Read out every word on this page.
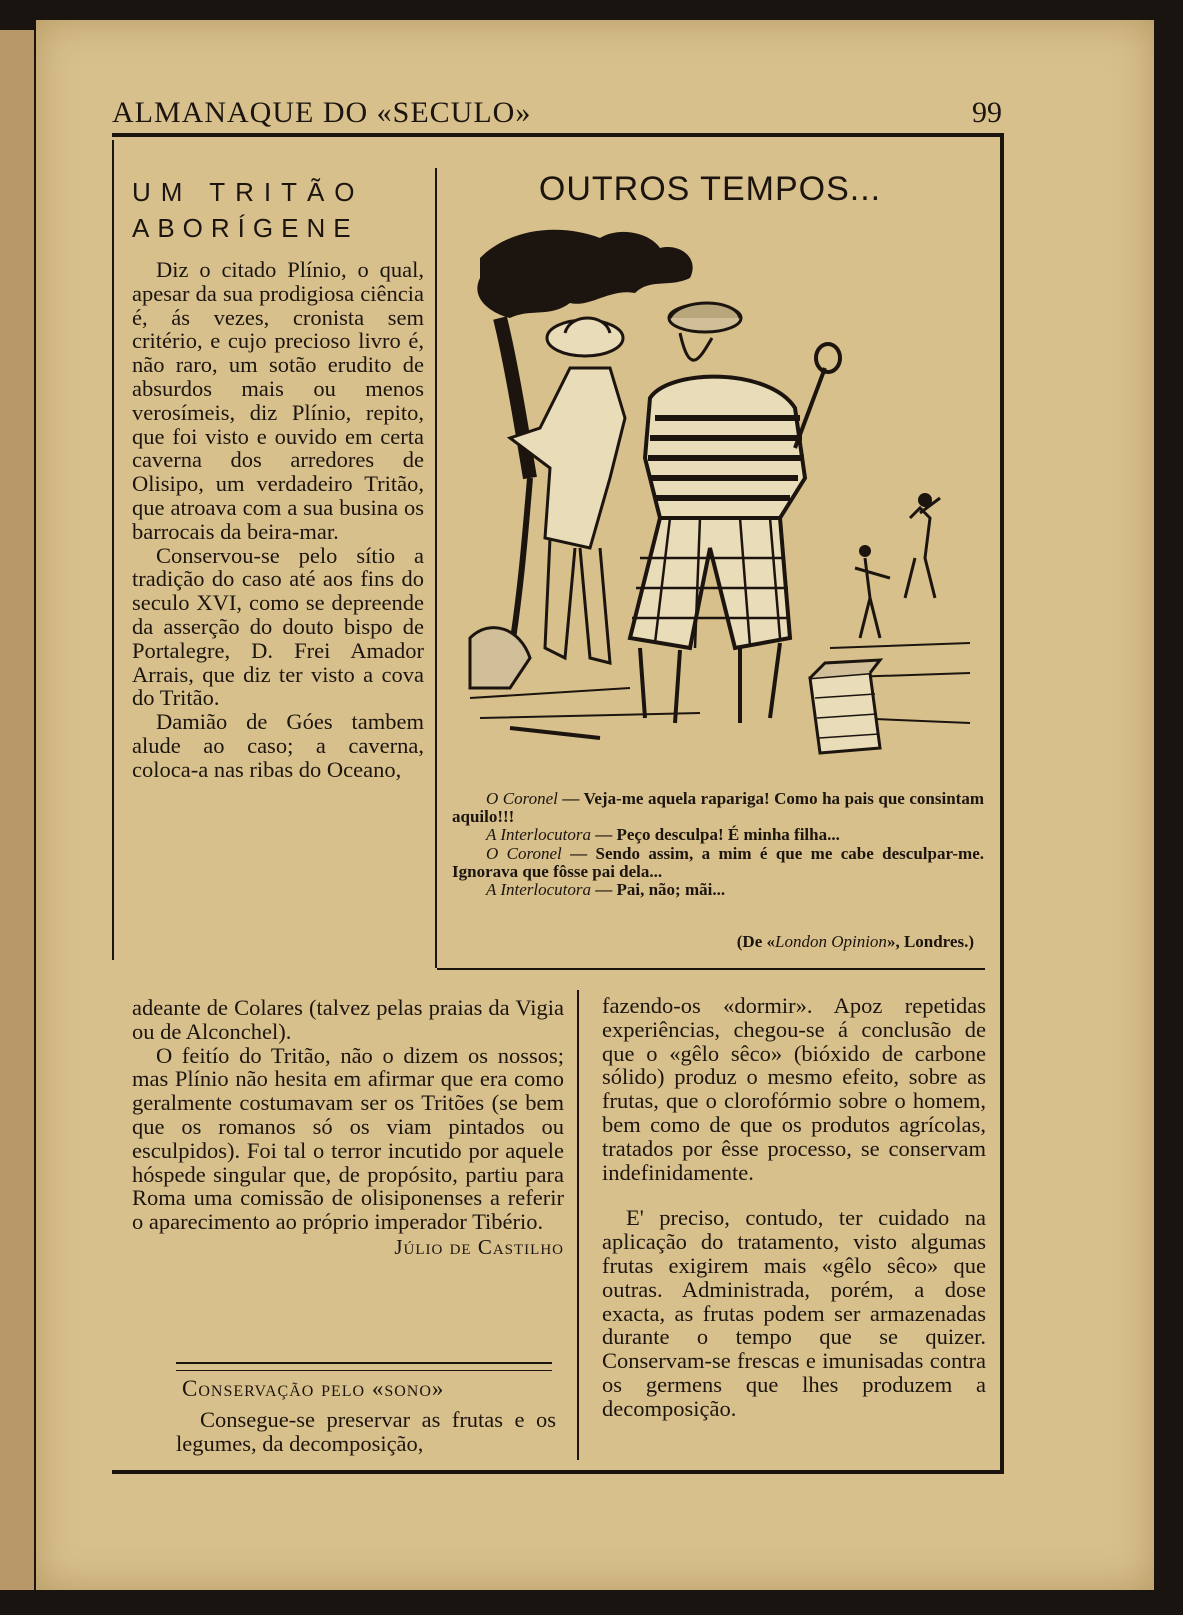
ALMANAQUE DO «SECULO»	99
UM TRITÃO
ABORÍGENE

Diz o citado Plínio, o qual, apesar da sua prodigiosa ciência é, ás vezes, cronista sem critério, e cujo precioso livro é, não raro, um sotão erudito de absurdos mais ou menos verosímeis, diz Plínio, repito, que foi visto e ouvido em certa caverna dos arredores de Olisipo, um verdadeiro Tritão, que atroava com a sua busina os barrocais da beira-mar.

Conservou-se pelo sítio a tradição do caso até aos fins do seculo XVI, como se depreende da asserção do douto bispo de Portalegre, D. Frei Amador Arrais, que diz ter visto a cova do Tritão.

Damião de Góes tambem alude ao caso; a caverna, coloca-a nas ribas do Oceano,

adeante de Colares (talvez pelas praias da Vigia ou de Alconchel).

O feitío do Tritão, não o dizem os nossos; mas Plínio não hesita em afirmar que era como geralmente costumavam ser os Tritões (se bem que os romanos só os viam pintados ou esculpidos). Foi tal o terror incutido por aquele hóspede singular que, de propósito, partiu para Roma uma comissão de olisiponenses a referir o aparecimento ao próprio imperador Tibério.

Júlio de Castilho
OUTROS TEMPOS...

O Coronel — Veja-me aquela rapariga! Como ha pais que consintam aquilo!!!

A Interlocutora — Peço desculpa! É minha filha...

O Coronel — Sendo assim, a mim é que me cabe desculpar-me. Ignorava que fôsse pai dela...

A Interlocutora — Pai, não; mãi...

(De «London Opinion», Londres.)
Conservação pelo «sono»

Consegue-se preservar as frutas e os legumes, da decomposição,

fazendo-os «dormir». Apoz repetidas experiências, chegou-se á conclusão de que o «gêlo sêco» (bióxido de carbone sólido) produz o mesmo efeito, sobre as frutas, que o clorofórmio sobre o homem, bem como de que os produtos agrícolas, tratados por êsse processo, se conservam indefinidamente.

E' preciso, contudo, ter cuidado na aplicação do tratamento, visto algumas frutas exigirem mais «gêlo sêco» que outras. Administrada, porém, a dose exacta, as frutas podem ser armazenadas durante o tempo que se quizer. Conservam-se frescas e imunisadas contra os germens que lhes produzem a decomposição.
